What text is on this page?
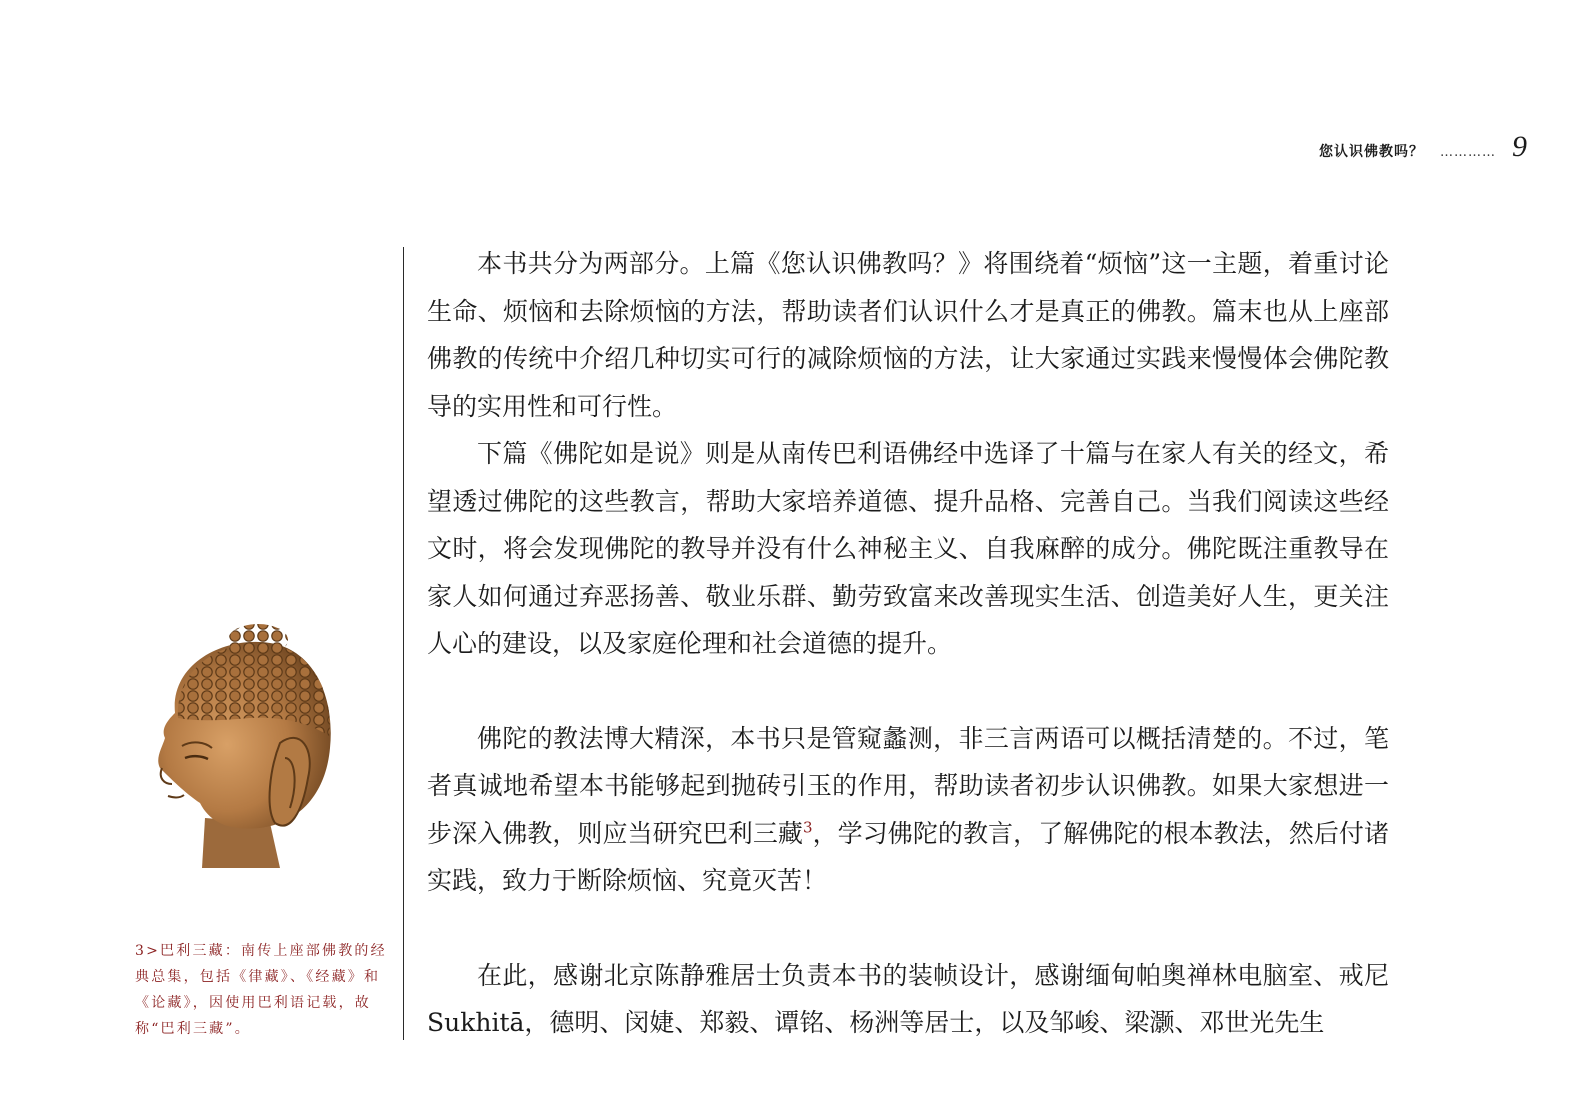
您认识佛教吗？ ………… 9

本书共分为两部分。上篇《您认识佛教吗？》将围绕着“烦恼”这一主题，着重讨论生命、烦恼和去除烦恼的方法，帮助读者们认识什么才是真正的佛教。篇末也从上座部佛教的传统中介绍几种切实可行的减除烦恼的方法，让大家通过实践来慢慢体会佛陀教导的实用性和可行性。

下篇《佛陀如是说》则是从南传巴利语佛经中选译了十篇与在家人有关的经文，希望透过佛陀的这些教言，帮助大家培养道德、提升品格、完善自己。当我们阅读这些经文时，将会发现佛陀的教导并没有什么神秘主义、自我麻醉的成分。佛陀既注重教导在家人如何通过弃恶扬善、敬业乐群、勤劳致富来改善现实生活、创造美好人生，更关注人心的建设，以及家庭伦理和社会道德的提升。

佛陀的教法博大精深，本书只是管窥蠡测，非三言两语可以概括清楚的。不过，笔者真诚地希望本书能够起到抛砖引玉的作用，帮助读者初步认识佛教。如果大家想进一步深入佛教，则应当研究巴利三藏$^3$，学习佛陀的教言，了解佛陀的根本教法，然后付诸实践，致力于断除烦恼、究竟灭苦！

在此，感谢北京陈静雅居士负责本书的装帧设计，感谢缅甸帕奥禅林电脑室、戒尼Sukhitā，德明、闵婕、郑毅、谭铭、杨洲等居士，以及邹峻、梁灏、邓世光先生

3>巴利三藏：南传上座部佛教的经典总集，包括《律藏》、《经藏》和《论藏》，因使用巴利语记载，故称“巴利三藏”。
